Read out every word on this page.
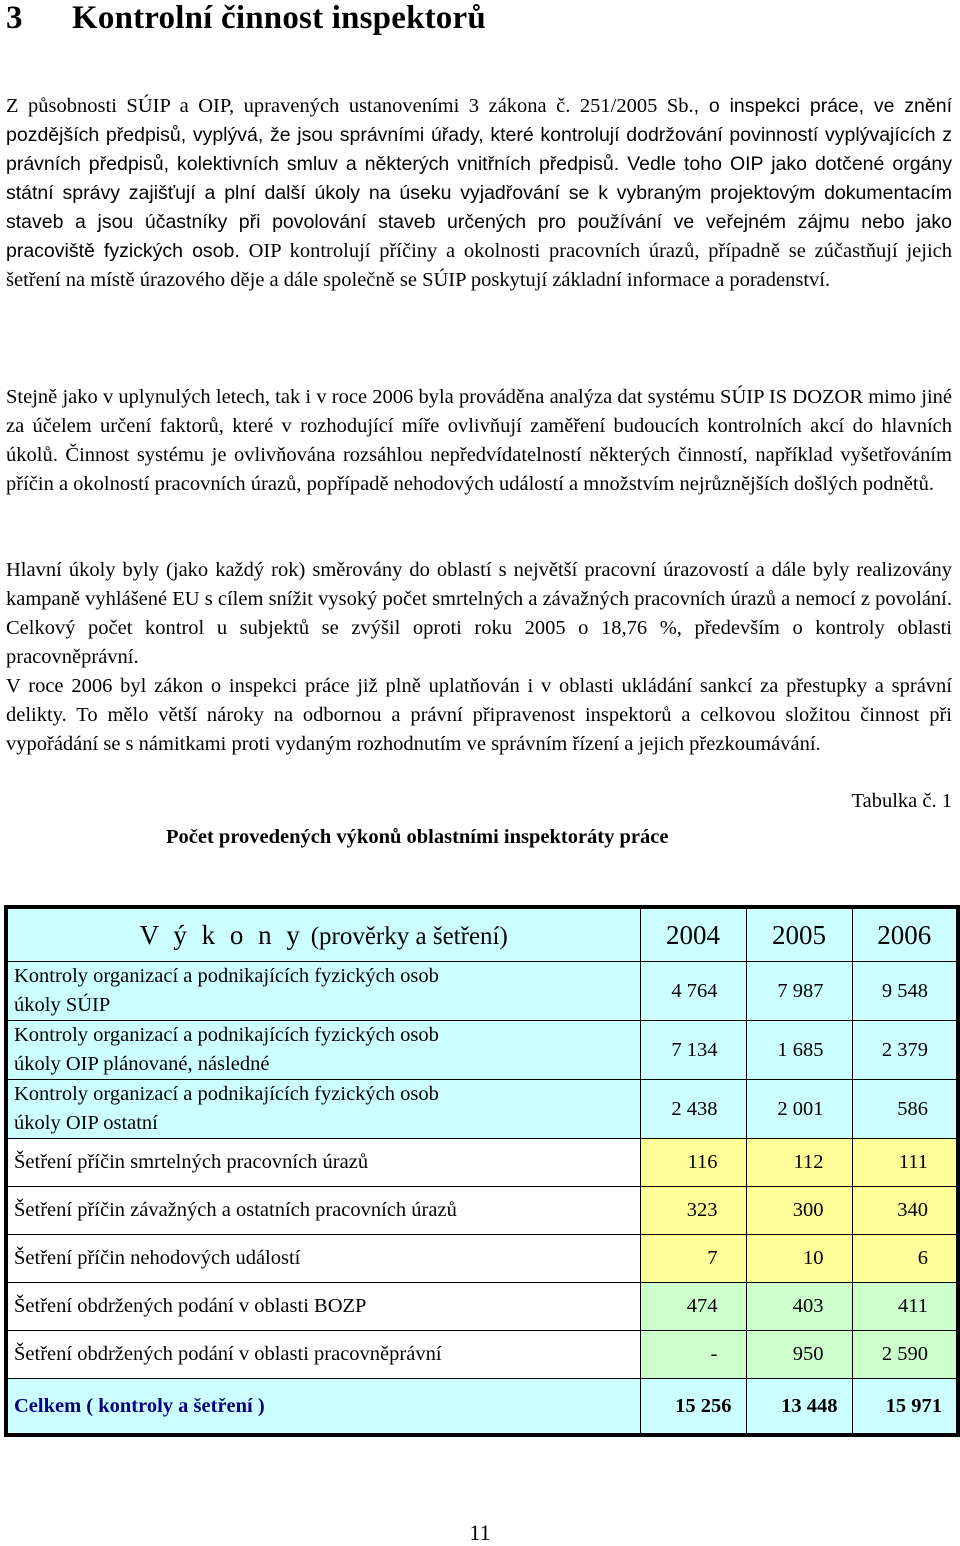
3 Kontrolní činnost inspektorů

Z působnosti SÚIP a OIP, upravených ustanoveními 3 zákona č. 251/2005 Sb., o inspekci práce, ve znění pozdějších předpisů, vyplývá, že jsou správními úřady, které kontrolují dodržování povinností vyplývajících z právních předpisů, kolektivních smluv a některých vnitřních předpisů. Vedle toho OIP jako dotčené orgány státní správy zajišťují a plní další úkoly na úseku vyjadřování se k vybraným projektovým dokumentacím staveb a jsou účastníky při povolování staveb určených pro používání ve veřejném zájmu nebo jako pracoviště fyzických osob. OIP kontrolují příčiny a okolnosti pracovních úrazů, případně se zúčastňují jejich šetření na místě úrazového děje a dále společně se SÚIP poskytují základní informace a poradenství.

Stejně jako v uplynulých letech, tak i v roce 2006 byla prováděna analýza dat systému SÚIP IS DOZOR mimo jiné za účelem určení faktorů, které v rozhodující míře ovlivňují zaměření budoucích kontrolních akcí do hlavních úkolů. Činnost systému je ovlivňována rozsáhlou nepředvídatelností některých činností, například vyšetřováním příčin a okolností pracovních úrazů, popřípadě nehodových událostí a množstvím nejrůznějších došlých podnětů.

Hlavní úkoly byly (jako každý rok) směrovány do oblastí s největší pracovní úrazovostí a dále byly realizovány kampaně vyhlášené EU s cílem snížit vysoký počet smrtelných a závažných pracovních úrazů a nemocí z povolání. Celkový počet kontrol u subjektů se zvýšil oproti roku 2005 o 18,76 %, především o kontroly oblasti pracovněprávní.

V roce 2006 byl zákon o inspekci práce již plně uplatňován i v oblasti ukládání sankcí za přestupky a správní delikty. To mělo větší nároky na odbornou a právní připravenost inspektorů a celkovou složitou činnost při vypořádání se s námitkami proti vydaným rozhodnutím ve správním řízení a jejich přezkoumávání.

Tabulka č. 1
Počet provedených výkonů oblastními inspektoráty práce
V ý k o n y (prověrky a šetření)	2004	2005	2006

Kontroly organizací a podnikajících fyzických osob
úkoly SÚIP	4 764	7 987	9 548

Kontroly organizací a podnikajících fyzických osob
úkoly OIP plánované, následné	7 134	1 685	2 379

Kontroly organizací a podnikajících fyzických osob
úkoly OIP ostatní	2 438	2 001	586
Šetření příčin smrtelných pracovních úrazů	116	112	111
Šetření příčin závažných a ostatních pracovních úrazů	323	300	340
Šetření příčin nehodových událostí	7	10	6
Šetření obdržených podání v oblasti BOZP	474	403	411
Šetření obdržených podání v oblasti pracovněprávní	-	950	2 590
Celkem ( kontroly a šetření )	15 256	13 448	15 971
11
